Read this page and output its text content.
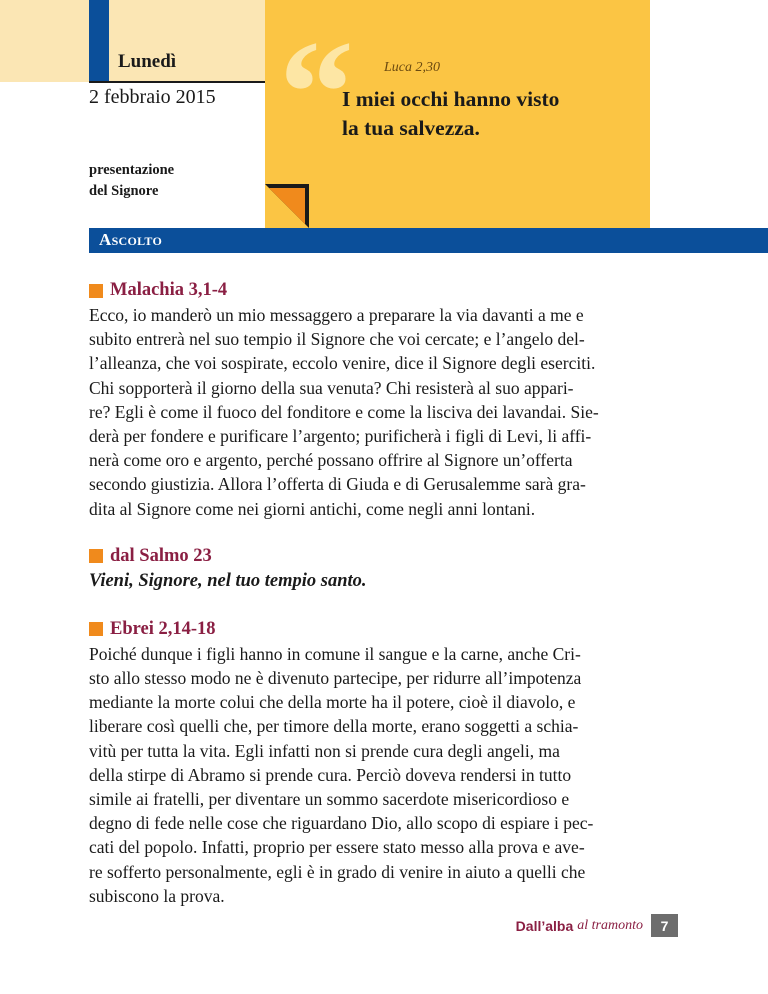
Lunedì
2 febbraio 2015
presentazione
del Signore
“ Luca 2,30
I miei occhi hanno visto
la tua salvezza.
Ascolto
Malachia 3,1-4

Ecco, io manderò un mio messaggero a preparare la via davanti a me e

subito entrerà nel suo tempio il Signore che voi cercate; e l’angelo del-

l’alleanza, che voi sospirate, eccolo venire, dice il Signore degli eserciti.

Chi sopporterà il giorno della sua venuta? Chi resisterà al suo appari-

re? Egli è come il fuoco del fonditore e come la lisciva dei lavandai. Sie-

derà per fondere e purificare l’argento; purificherà i figli di Levi, li affi-

nerà come oro e argento, perché possano offrire al Signore un’offerta

secondo giustizia. Allora l’offerta di Giuda e di Gerusalemme sarà gra-

dita al Signore come nei giorni antichi, come negli anni lontani.

dal Salmo 23
Vieni, Signore, nel tuo tempio santo.
Ebrei 2,14-18

Poiché dunque i figli hanno in comune il sangue e la carne, anche Cri-

sto allo stesso modo ne è divenuto partecipe, per ridurre all’impotenza

mediante la morte colui che della morte ha il potere, cioè il diavolo, e

liberare così quelli che, per timore della morte, erano soggetti a schia-

vitù per tutta la vita. Egli infatti non si prende cura degli angeli, ma

della stirpe di Abramo si prende cura. Perciò doveva rendersi in tutto

simile ai fratelli, per diventare un sommo sacerdote misericordioso e

degno di fede nelle cose che riguardano Dio, allo scopo di espiare i pec-

cati del popolo. Infatti, proprio per essere stato messo alla prova e ave-

re sofferto personalmente, egli è in grado di venire in aiuto a quelli che

subiscono la prova.

Dall’alba al tramonto	7
